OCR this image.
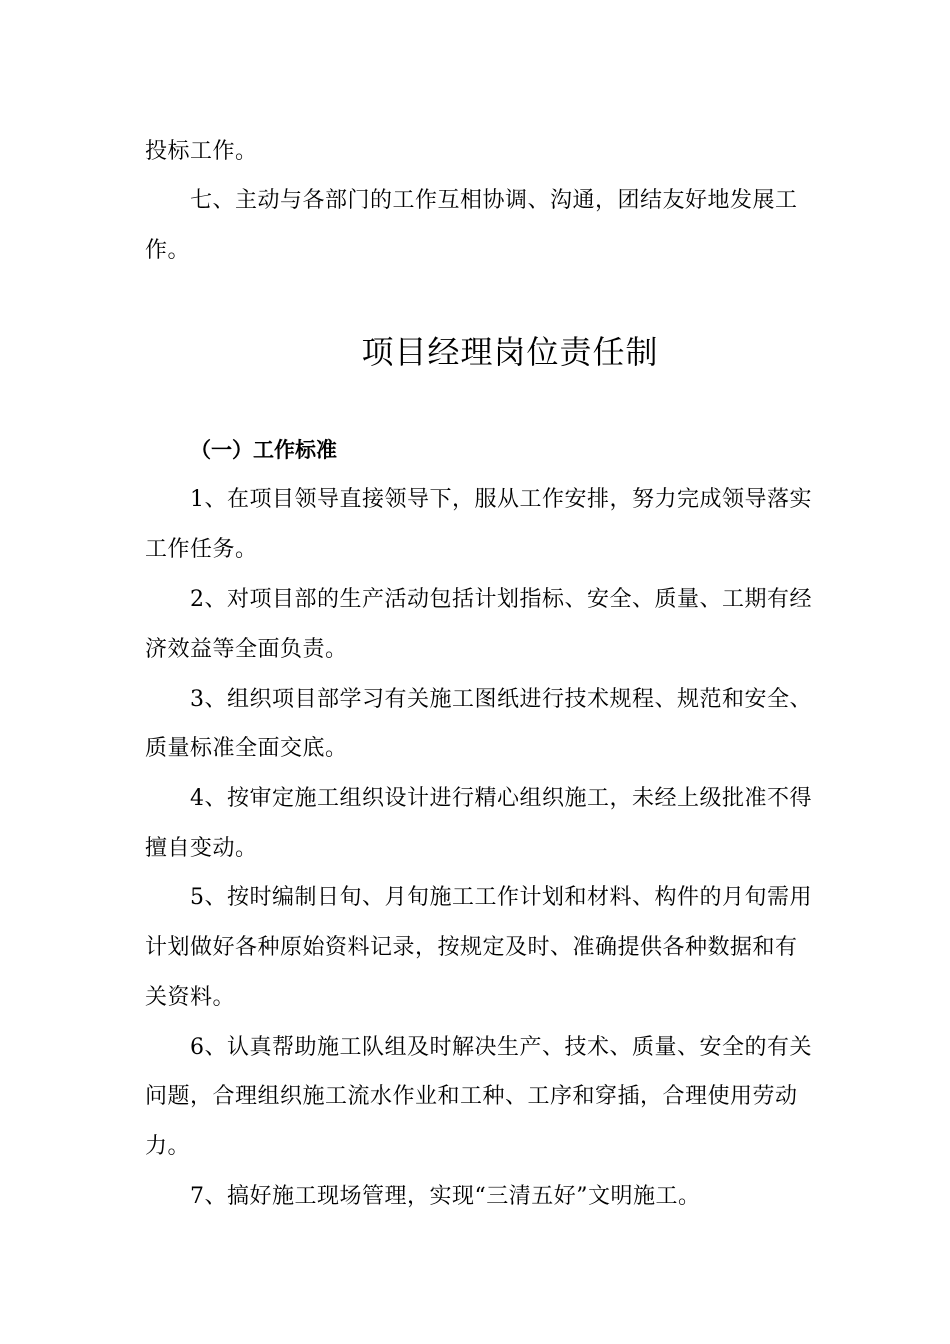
投标工作。
七、主动与各部门的工作互相协调、沟通，团结友好地发展工
作。
项目经理岗位责任制
（一）工作标准
1、在项目领导直接领导下，服从工作安排，努力完成领导落实
工作任务。
2、对项目部的生产活动包括计划指标、安全、质量、工期有经
济效益等全面负责。
3、组织项目部学习有关施工图纸进行技术规程、规范和安全、
质量标准全面交底。
4、按审定施工组织设计进行精心组织施工，未经上级批准不得
擅自变动。
5、按时编制日旬、月旬施工工作计划和材料、构件的月旬需用
计划做好各种原始资料记录，按规定及时、准确提供各种数据和有
关资料。
6、认真帮助施工队组及时解决生产、技术、质量、安全的有关
问题，合理组织施工流水作业和工种、工序和穿插，合理使用劳动
力。
7、搞好施工现场管理，实现“三清五好”文明施工。
